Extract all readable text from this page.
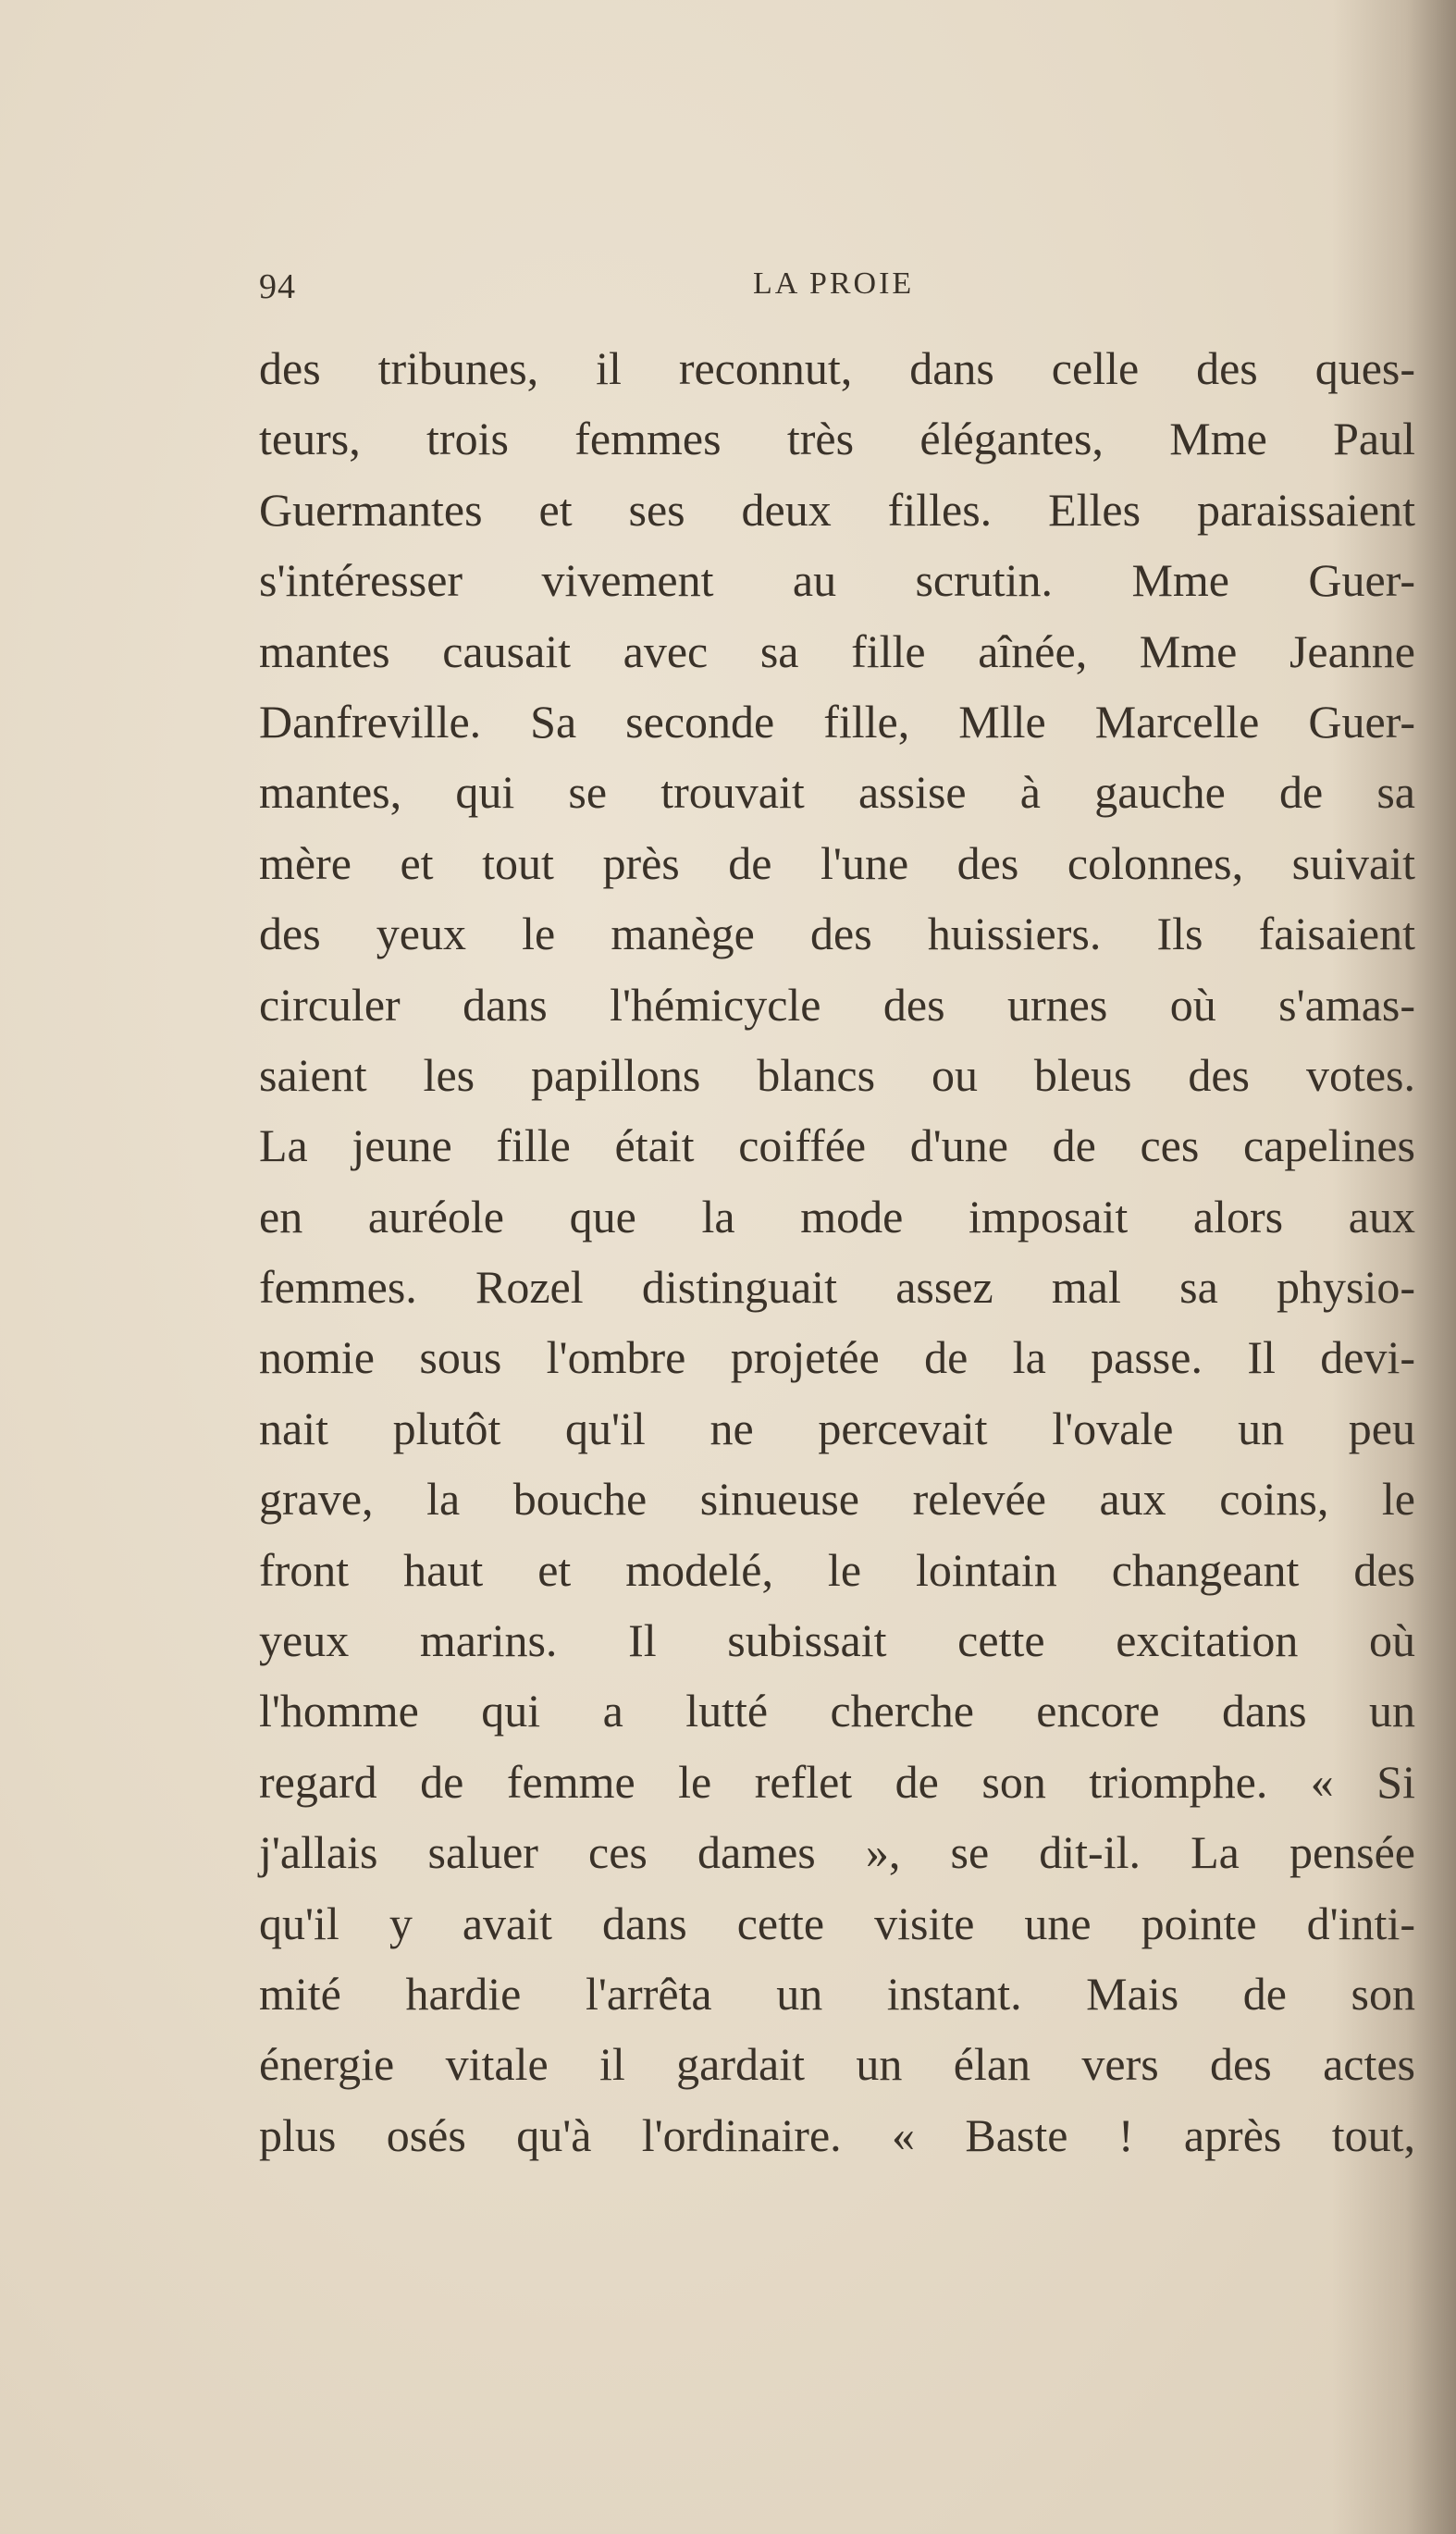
94	LA PROIE
des tribunes, il reconnut, dans celle des ques-
teurs, trois femmes très élégantes, Mme Paul
Guermantes et ses deux filles. Elles paraissaient
s'intéresser vivement au scrutin. Mme Guer-
mantes causait avec sa fille aînée, Mme Jeanne
Danfreville. Sa seconde fille, Mlle Marcelle Guer-
mantes, qui se trouvait assise à gauche de sa
mère et tout près de l'une des colonnes, suivait
des yeux le manège des huissiers. Ils faisaient
circuler dans l'hémicycle des urnes où s'amas-
saient les papillons blancs ou bleus des votes.
La jeune fille était coiffée d'une de ces capelines
en auréole que la mode imposait alors aux
femmes. Rozel distinguait assez mal sa physio-
nomie sous l'ombre projetée de la passe. Il devi-
nait plutôt qu'il ne percevait l'ovale un peu
grave, la bouche sinueuse relevée aux coins, le
front haut et modelé, le lointain changeant des
yeux marins. Il subissait cette excitation où
l'homme qui a lutté cherche encore dans un
regard de femme le reflet de son triomphe. « Si
j'allais saluer ces dames », se dit-il. La pensée
qu'il y avait dans cette visite une pointe d'inti-
mité hardie l'arrêta un instant. Mais de son
énergie vitale il gardait un élan vers des actes
plus osés qu'à l'ordinaire. « Baste ! après tout,
